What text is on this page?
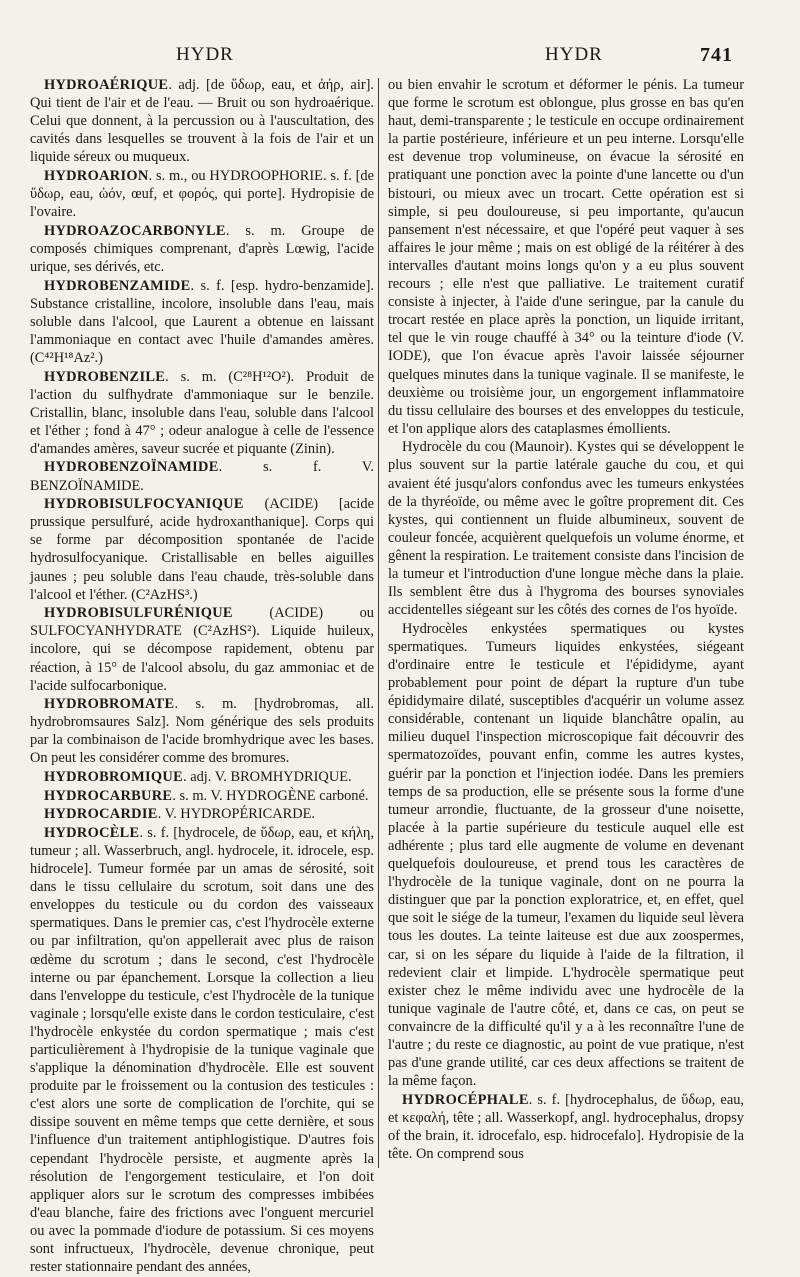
HYDR	HYDR	741

HYDROAÉRIQUE. adj. [de ὕδωρ, eau, et ἀήρ, air]. Qui tient de l'air et de l'eau. — Bruit ou son hydroaérique. Celui que donnent, à la percussion ou à l'auscultation, des cavités dans lesquelles se trouvent à la fois de l'air et un liquide séreux ou muqueux.

HYDROARION. s. m., ou HYDROOPHORIE. s. f. [de ὕδωρ, eau, ὠόν, œuf, et φορός, qui porte]. Hydropisie de l'ovaire.

HYDROAZOCARBONYLE. s. m. Groupe de composés chimiques comprenant, d'après Lœwig, l'acide urique, ses dérivés, etc.

HYDROBENZAMIDE. s. f. [esp. hydro-benzamide]. Substance cristalline, incolore, insoluble dans l'eau, mais soluble dans l'alcool, que Laurent a obtenue en laissant l'ammoniaque en contact avec l'huile d'amandes amères. (C⁴²H¹⁸Az².)

HYDROBENZILE. s. m. (C²⁸H¹²O²). Produit de l'action du sulfhydrate d'ammoniaque sur le benzile. Cristallin, blanc, insoluble dans l'eau, soluble dans l'alcool et l'éther ; fond à 47° ; odeur analogue à celle de l'essence d'amandes amères, saveur sucrée et piquante (Zinin).

HYDROBENZOÏNAMIDE. s. f. V. BENZOÏNAMIDE.

HYDROBISULFOCYANIQUE (ACIDE) [acide prussique persulfuré, acide hydroxanthanique]. Corps qui se forme par décomposition spontanée de l'acide hydrosulfocyanique. Cristallisable en belles aiguilles jaunes ; peu soluble dans l'eau chaude, très-soluble dans l'alcool et l'éther. (C²AzHS³.)

HYDROBISULFURÉNIQUE (ACIDE) ou SULFOCYANHYDRATE (C²AzHS²). Liquide huileux, incolore, qui se décompose rapidement, obtenu par réaction, à 15° de l'alcool absolu, du gaz ammoniac et de l'acide sulfocarbonique.

HYDROBROMATE. s. m. [hydrobromas, all. hydrobromsaures Salz]. Nom générique des sels produits par la combinaison de l'acide bromhydrique avec les bases. On peut les considérer comme des bromures.

HYDROBROMIQUE. adj. V. BROMHYDRIQUE.

HYDROCARBURE. s. m. V. HYDROGÈNE carboné.

HYDROCARDIE. V. HYDROPÉRICARDE.

HYDROCÈLE. s. f. [hydrocele, de ὕδωρ, eau, et κήλη, tumeur ; all. Wasserbruch, angl. hydrocele, it. idrocele, esp. hidrocele]. Tumeur formée par un amas de sérosité, soit dans le tissu cellulaire du scrotum, soit dans une des enveloppes du testicule ou du cordon des vaisseaux spermatiques. Dans le premier cas, c'est l'hydrocèle externe ou par infiltration, qu'on appellerait avec plus de raison œdème du scrotum ; dans le second, c'est l'hydrocèle interne ou par épanchement. Lorsque la collection a lieu dans l'enveloppe du testicule, c'est l'hydrocèle de la tunique vaginale ; lorsqu'elle existe dans le cordon testiculaire, c'est l'hydrocèle enkystée du cordon spermatique ; mais c'est particulièrement à l'hydropisie de la tunique vaginale que s'applique la dénomination d'hydrocèle. Elle est souvent produite par le froissement ou la contusion des testicules : c'est alors une sorte de complication de l'orchite, qui se dissipe souvent en même temps que cette dernière, et sous l'influence d'un traitement antiphlogistique. D'autres fois cependant l'hydrocèle persiste, et augmente après la résolution de l'engorgement testiculaire, et l'on doit appliquer alors sur le scrotum des compresses imbibées d'eau blanche, faire des frictions avec l'onguent mercuriel ou avec la pommade d'iodure de potassium. Si ces moyens sont infructueux, l'hydrocèle, devenue chronique, peut rester stationnaire pendant des années,

ou bien envahir le scrotum et déformer le pénis. La tumeur que forme le scrotum est oblongue, plus grosse en bas qu'en haut, demi-transparente ; le testicule en occupe ordinairement la partie postérieure, inférieure et un peu interne. Lorsqu'elle est devenue trop volumineuse, on évacue la sérosité en pratiquant une ponction avec la pointe d'une lancette ou d'un bistouri, ou mieux avec un trocart. Cette opération est si simple, si peu douloureuse, si peu importante, qu'aucun pansement n'est nécessaire, et que l'opéré peut vaquer à ses affaires le jour même ; mais on est obligé de la réitérer à des intervalles d'autant moins longs qu'on y a eu plus souvent recours ; elle n'est que palliative. Le traitement curatif consiste à injecter, à l'aide d'une seringue, par la canule du trocart restée en place après la ponction, un liquide irritant, tel que le vin rouge chauffé à 34° ou la teinture d'iode (V. IODE), que l'on évacue après l'avoir laissée séjourner quelques minutes dans la tunique vaginale. Il se manifeste, le deuxième ou troisième jour, un engorgement inflammatoire du tissu cellulaire des bourses et des enveloppes du testicule, et l'on applique alors des cataplasmes émollients.

Hydrocèle du cou (Maunoir). Kystes qui se développent le plus souvent sur la partie latérale gauche du cou, et qui avaient été jusqu'alors confondus avec les tumeurs enkystées de la thyréoïde, ou même avec le goître proprement dit. Ces kystes, qui contiennent un fluide albumineux, souvent de couleur foncée, acquièrent quelquefois un volume énorme, et gênent la respiration. Le traitement consiste dans l'incision de la tumeur et l'introduction d'une longue mèche dans la plaie. Ils semblent être dus à l'hygroma des bourses synoviales accidentelles siégeant sur les côtés des cornes de l'os hyoïde.

Hydrocèles enkystées spermatiques ou kystes spermatiques. Tumeurs liquides enkystées, siégeant d'ordinaire entre le testicule et l'épididyme, ayant probablement pour point de départ la rupture d'un tube épididymaire dilaté, susceptibles d'acquérir un volume assez considérable, contenant un liquide blanchâtre opalin, au milieu duquel l'inspection microscopique fait découvrir des spermatozoïdes, pouvant enfin, comme les autres kystes, guérir par la ponction et l'injection iodée. Dans les premiers temps de sa production, elle se présente sous la forme d'une tumeur arrondie, fluctuante, de la grosseur d'une noisette, placée à la partie supérieure du testicule auquel elle est adhérente ; plus tard elle augmente de volume en devenant quelquefois douloureuse, et prend tous les caractères de l'hydrocèle de la tunique vaginale, dont on ne pourra la distinguer que par la ponction exploratrice, et, en effet, quel que soit le siége de la tumeur, l'examen du liquide seul lèvera tous les doutes. La teinte laiteuse est due aux zoospermes, car, si on les sépare du liquide à l'aide de la filtration, il redevient clair et limpide. L'hydrocèle spermatique peut exister chez le même individu avec une hydrocèle de la tunique vaginale de l'autre côté, et, dans ce cas, on peut se convaincre de la difficulté qu'il y a à les reconnaître l'une de l'autre ; du reste ce diagnostic, au point de vue pratique, n'est pas d'une grande utilité, car ces deux affections se traitent de la même façon.

HYDROCÉPHALE. s. f. [hydrocephalus, de ὕδωρ, eau, et κεφαλή, tête ; all. Wasserkopf, angl. hydrocephalus, dropsy of the brain, it. idrocefalo, esp. hidrocefalo]. Hydropisie de la tête. On comprend sous
